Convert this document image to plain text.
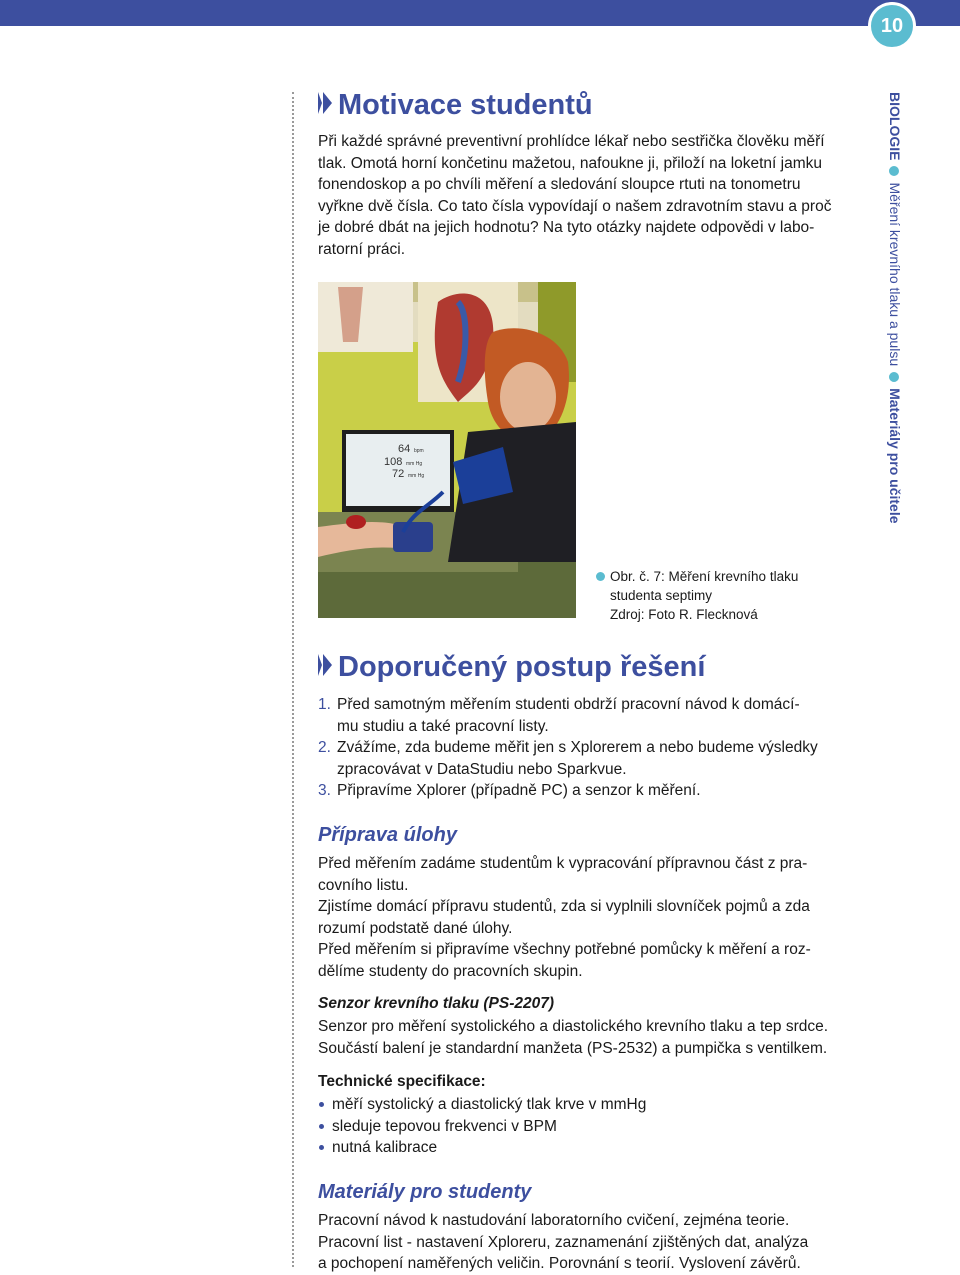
10
BIOLOGIEMěření krevního tlaku a pulsuMateriály pro učitele
Motivace studentů
Při každé správné preventivní prohlídce lékař nebo sestřička člověku měří
tlak. Omotá horní končetinu mažetou, nafoukne ji, přiloží na loketní jamku
fonendoskop a po chvíli měření a sledování sloupce rtuti na tonometru
vyřkne dvě čísla. Co tato čísla vypovídají o našem zdravotním stavu a proč
je dobré dbát na jejich hodnotu? Na tyto otázky najdete odpovědi v labo-
ratorní práci.
64 bpm
108 mm Hg
72 mm Hg
Obr. č. 7: Měření krevního tlaku
studenta septimy
Zdroj: Foto R. Flecknová
Doporučený postup řešení
1. Před samotným měřením studenti obdrží pracovní návod k domácí-
mu studiu a také pracovní listy.
2. Zvážíme, zda budeme měřit jen s Xplorerem a nebo budeme výsledky
zpracovávat v DataStudiu nebo Sparkvue.
3. Připravíme Xplorer (případně PC) a senzor k měření.
Příprava úlohy
Před měřením zadáme studentům k vypracování přípravnou část z pra-
covního listu.
Zjistíme domácí přípravu studentů, zda si vyplnili slovníček pojmů a zda
rozumí podstatě dané úlohy.
Před měřením si připravíme všechny potřebné pomůcky k měření a roz-
dělíme studenty do pracovních skupin.
Senzor krevního tlaku (PS-2207)
Senzor pro měření systolického a diastolického krevního tlaku a tep srdce.
Součástí balení je standardní manžeta (PS-2532) a pumpička s ventilkem.
Technické specifikace:
měří systolický a diastolický tlak krve v mmHg
sleduje tepovou frekvenci v BPM
nutná kalibrace
Materiály pro studenty
Pracovní návod k nastudování laboratorního cvičení, zejména teorie.
Pracovní list - nastavení Xploreru, zaznamenání zjištěných dat, analýza
a pochopení naměřených veličin. Porovnání s teorií. Vyslovení závěrů.
